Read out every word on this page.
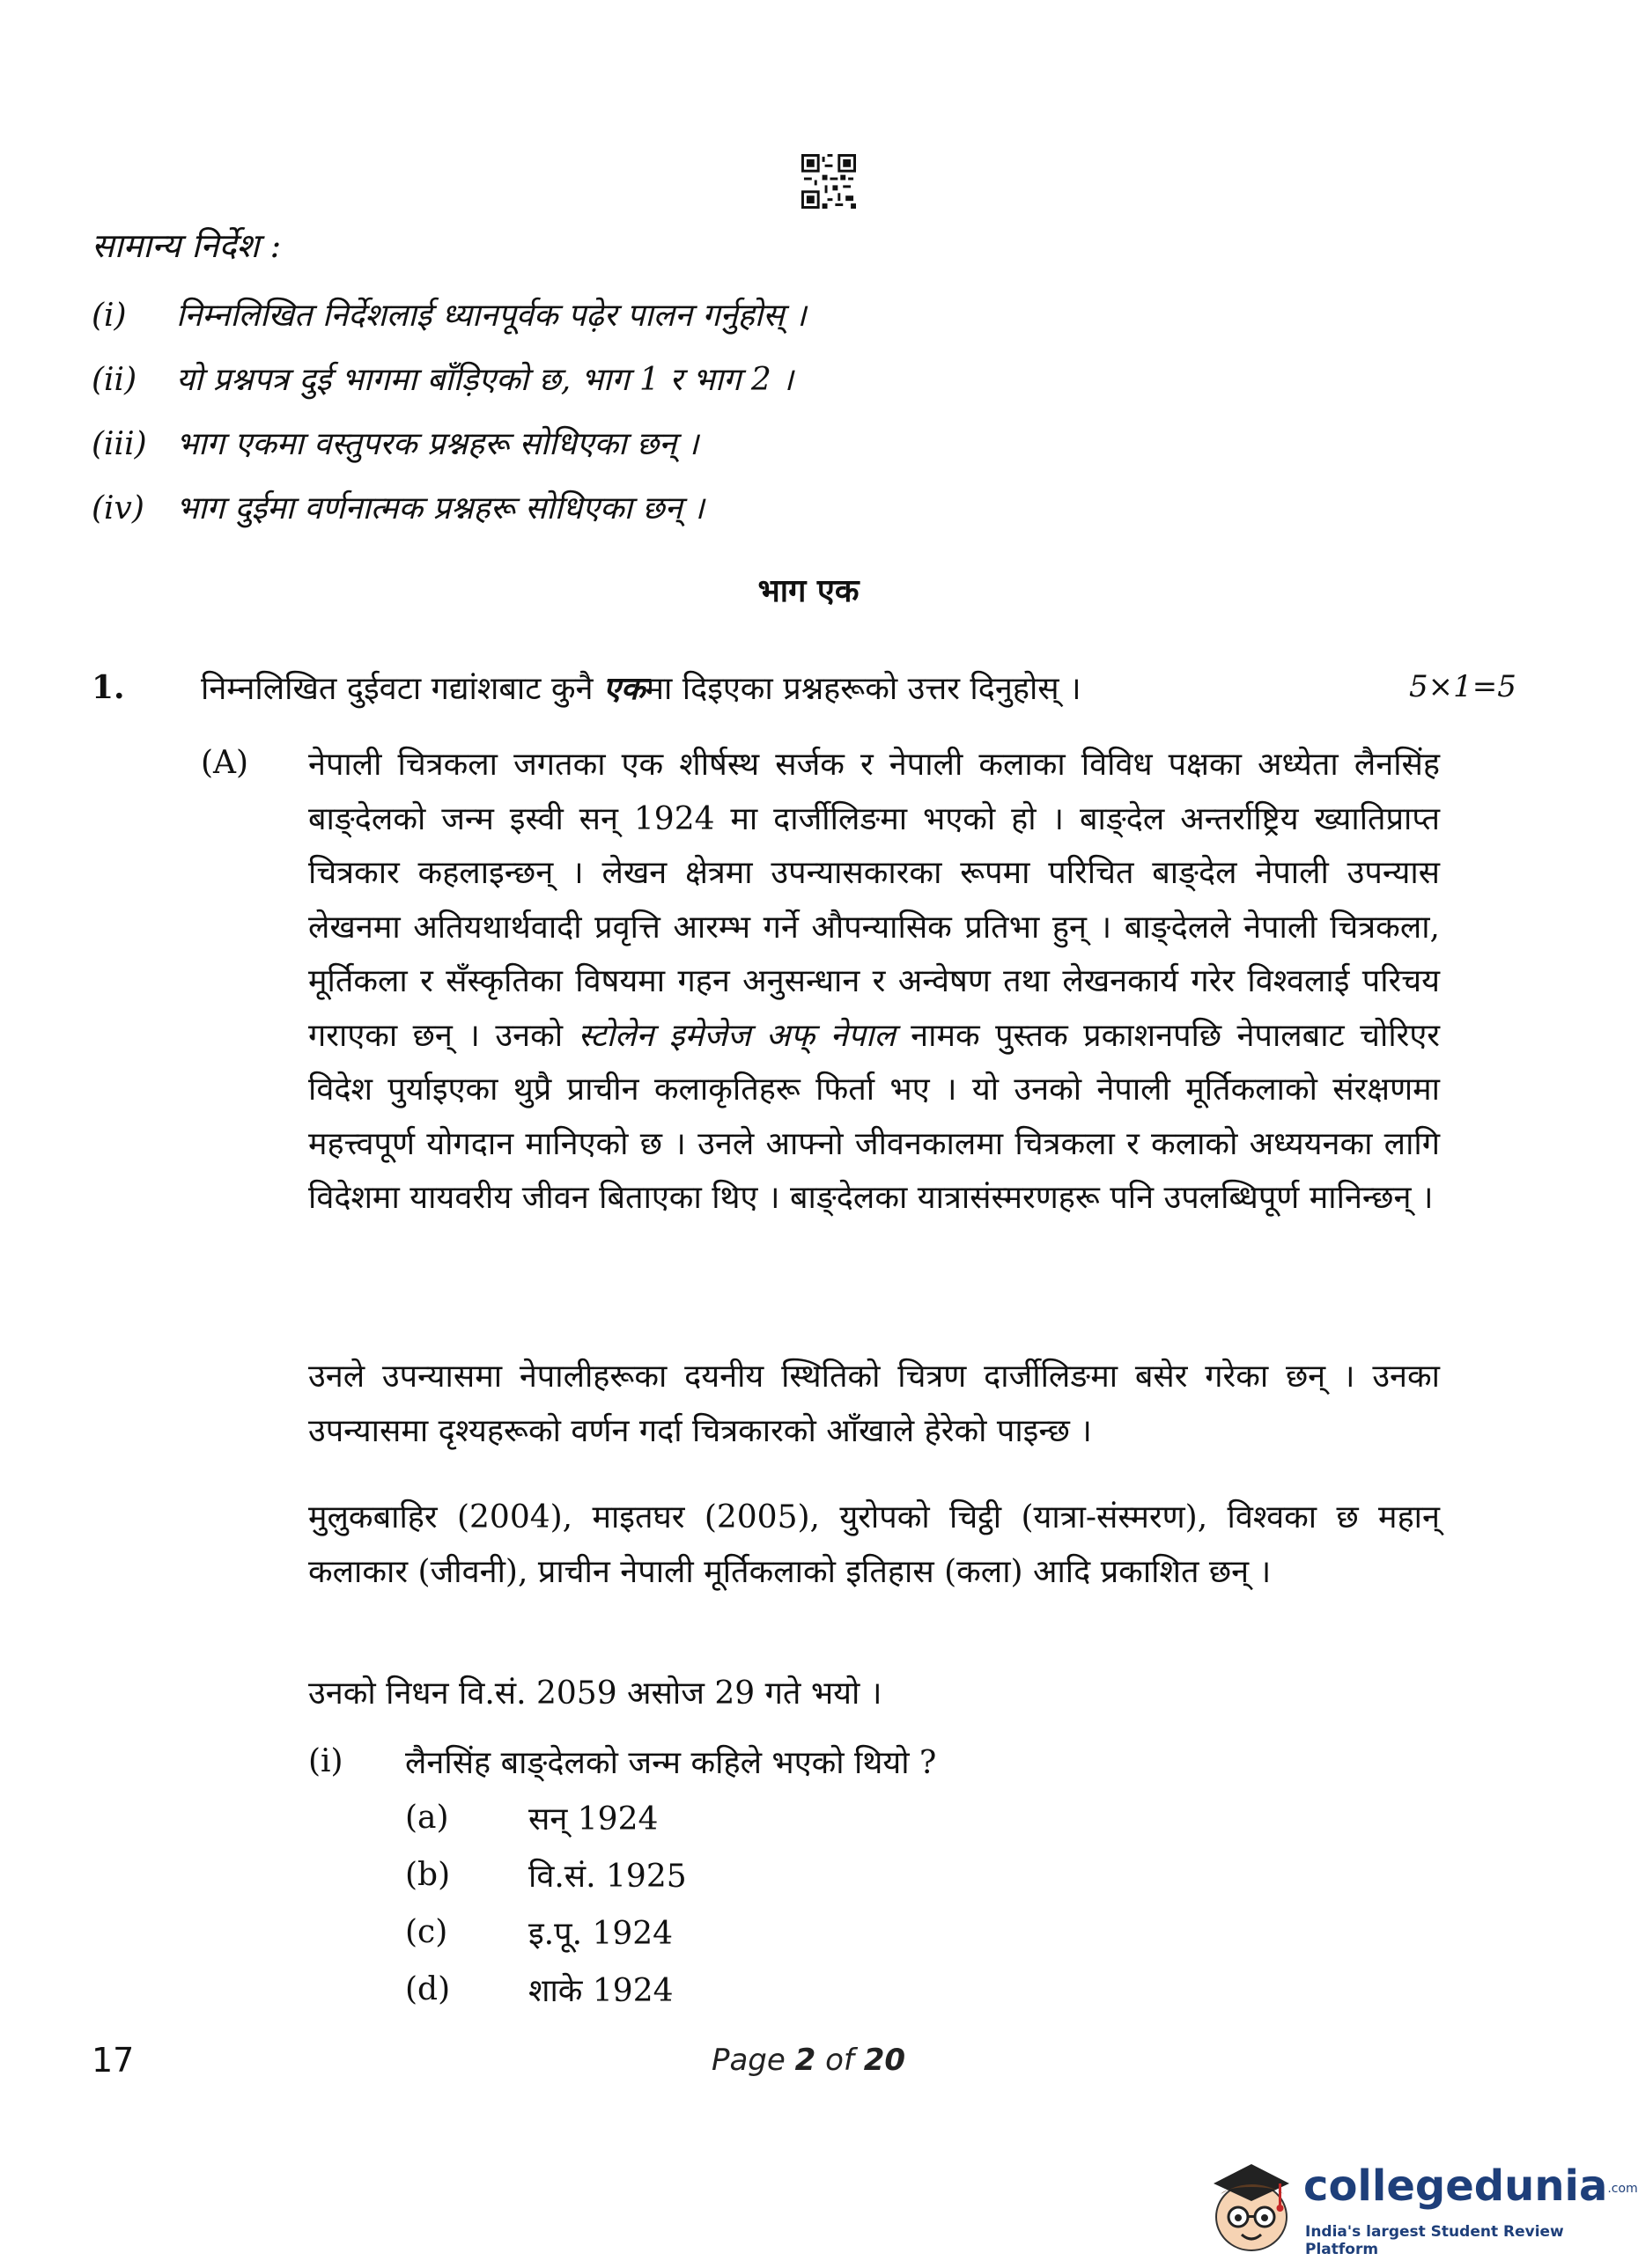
सामान्य निर्देश :
(i) निम्नलिखित निर्देशलाई ध्यानपूर्वक पढ़ेर पालन गर्नुहोस् ।
(ii) यो प्रश्नपत्र दुई भागमा बाँड़िएको छ, भाग 1 र भाग 2 ।
(iii) भाग एकमा वस्तुपरक प्रश्नहरू सोधिएका छन् ।
(iv) भाग दुईमा वर्णनात्मक प्रश्नहरू सोधिएका छन् ।
भाग एक
1. निम्नलिखित दुईवटा गद्यांशबाट कुनै एकमा दिइएका प्रश्नहरूको उत्तर दिनुहोस् ।	5×1=5
(A) नेपाली चित्रकला जगतका एक शीर्षस्थ सर्जक र नेपाली कलाका विविध पक्षका अध्येता लैनसिंह बाङ्देलको जन्म इस्वी सन् 1924 मा दार्जीलिङमा भएको हो । बाङ्देल अन्तर्राष्ट्रिय ख्यातिप्राप्त चित्रकार कहलाइन्छन् । लेखन क्षेत्रमा उपन्यासकारका रूपमा परिचित बाङ्देल नेपाली उपन्यास लेखनमा अतियथार्थवादी प्रवृत्ति आरम्भ गर्ने औपन्यासिक प्रतिभा हुन् । बाङ्देलले नेपाली चित्रकला, मूर्तिकला र सँस्कृतिका विषयमा गहन अनुसन्धान र अन्वेषण तथा लेखनकार्य गरेर विश्वलाई परिचय गराएका छन् । उनको स्टोलेन इमेजेज अफ् नेपाल नामक पुस्तक प्रकाशनपछि नेपालबाट चोरिएर विदेश पुर्याइएका थुप्रै प्राचीन कलाकृतिहरू फिर्ता भए । यो उनको नेपाली मूर्तिकलाको संरक्षणमा महत्त्वपूर्ण योगदान मानिएको छ । उनले आफ्नो जीवनकालमा चित्रकला र कलाको अध्ययनका लागि विदेशमा यायवरीय जीवन बिताएका थिए । बाङ्देलका यात्रासंस्मरणहरू पनि उपलब्धिपूर्ण मानिन्छन् ।
उनले उपन्यासमा नेपालीहरूका दयनीय स्थितिको चित्रण दार्जीलिङमा बसेर गरेका छन् । उनका उपन्यासमा दृश्यहरूको वर्णन गर्दा चित्रकारको आँखाले हेरेको पाइन्छ ।
मुलुकबाहिर (2004), माइतघर (2005), युरोपको चिट्ठी (यात्रा-संस्मरण), विश्वका छ महान् कलाकार (जीवनी), प्राचीन नेपाली मूर्तिकलाको इतिहास (कला) आदि प्रकाशित छन् ।
उनको निधन वि.सं. 2059 असोज 29 गते भयो ।
(i) लैनसिंह बाङ्देलको जन्म कहिले भएको थियो ?
(a)	सन् 1924
(b) वि.सं. 1925
(c)	इ.पू. 1924
(d) शाके 1924
17	Page 2 of 20
collegedunia.com
India's largest Student Review Platform
